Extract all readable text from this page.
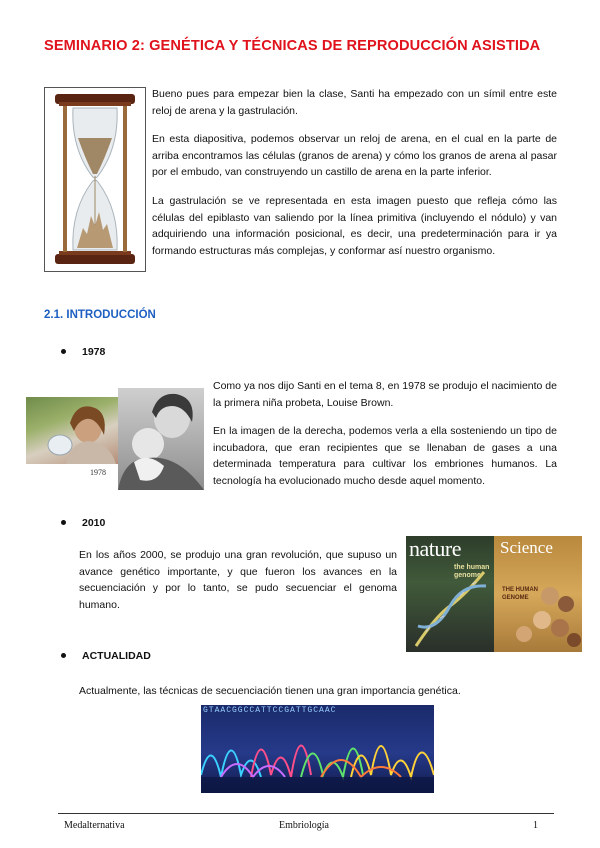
SEMINARIO 2: GENÉTICA Y TÉCNICAS DE REPRODUCCIÓN ASISTIDA

Bueno pues para empezar bien la clase, Santi ha empezado con un símil entre este reloj de arena y la gastrulación.

En esta diapositiva, podemos observar un reloj de arena, en el cual en la parte de arriba encontramos las células (granos de arena) y cómo los granos de arena al pasar por el embudo, van construyendo un castillo de arena en la parte inferior.

La gastrulación se ve representada en esta imagen puesto que refleja cómo las células del epiblasto van saliendo por la línea primitiva (incluyendo el nódulo) y van adquiriendo una información posicional, es decir, una predeterminación para ir ya formando estructuras más complejas, y conformar así nuestro organismo.

2.1. INTRODUCCIÓN
1978
1978

Como ya nos dijo Santi en el tema 8, en 1978 se produjo el nacimiento de la primera niña probeta, Louise Brown.

En la imagen de la derecha, podemos verla a ella sosteniendo un tipo de incubadora, que eran recipientes que se llenaban de gases a una determinada temperatura para cultivar los embriones humanos. La tecnología ha evolucionado mucho desde aquel momento.

2010

En los años 2000, se produjo una gran revolución, que supuso un avance genético importante, y que fueron los avances en la secuenciación y por lo tanto, se pudo secuenciar el genoma humano.

nature
the human genome
Science
THE HUMAN GENOME
ACTUALIDAD

Actualmente, las técnicas de secuenciación tienen una gran importancia genética.

GTAACGGCCATTCCGATTGCAAC
Medalternativa	Embriología	1
